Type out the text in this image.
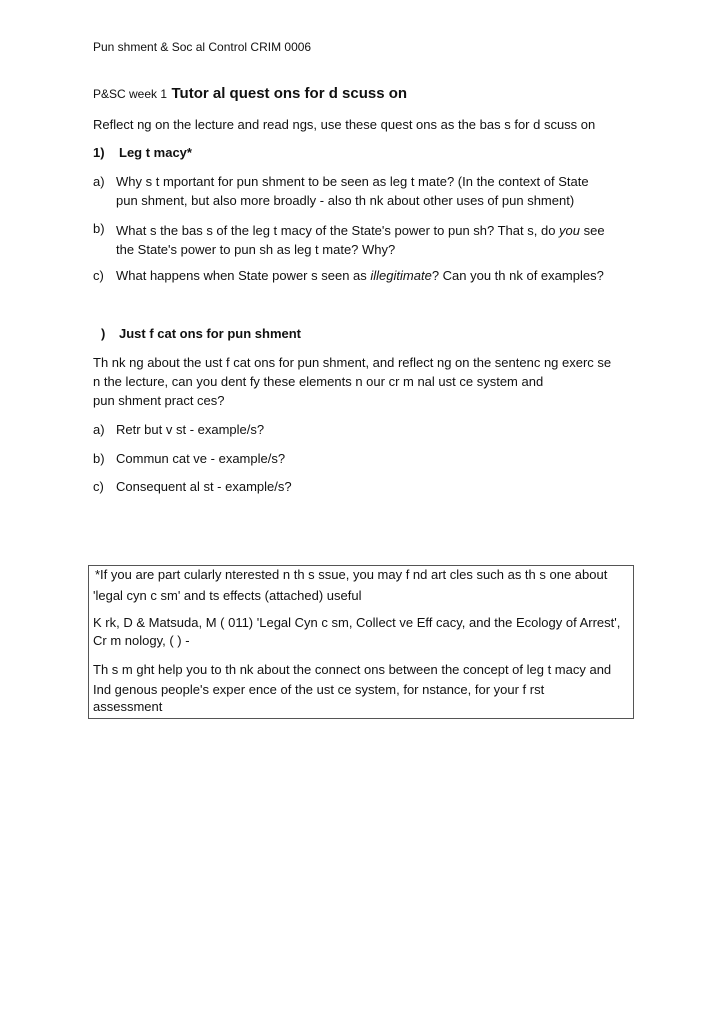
Pun shment & Soc al Control CRIM 0006
P&SC week 1 Tutor al quest ons for d scuss on
Reflect ng on the lecture and read ngs, use these quest ons as the bas s for d scuss on
1) Leg t macy*
a) Why s t mportant for pun shment to be seen as leg t mate? (In the context of State
pun shment, but also more broadly - also th nk about other uses of pun shment)
b) What s the bas s of the leg t macy of the State's power to pun sh? That s, do you see
the State's power to pun sh as leg t mate? Why?
c) What happens when State power s seen as illegitimate? Can you th nk of examples?
) Just f cat ons for pun shment
Th nk ng about the ust f cat ons for pun shment, and reflect ng on the sentenc ng exerc se
n the lecture, can you dent fy these elements n our cr m nal ust ce system and
pun shment pract ces?
a) Retr but v st - example/s?
b) Commun cat ve - example/s?
c) Consequent al st - example/s?
*If you are part cularly nterested n th s ssue, you may f nd art cles such as th s one about
'legal cyn c sm' and ts effects (attached) useful
K rk, D & Matsuda, M ( 011) 'Legal Cyn c sm, Collect ve Eff cacy, and the Ecology of Arrest',
Cr m nology, ( ) -
Th s m ght help you to th nk about the connect ons between the concept of leg t macy and
Ind genous people's exper ence of the ust ce system, for nstance, for your f rst
assessment
